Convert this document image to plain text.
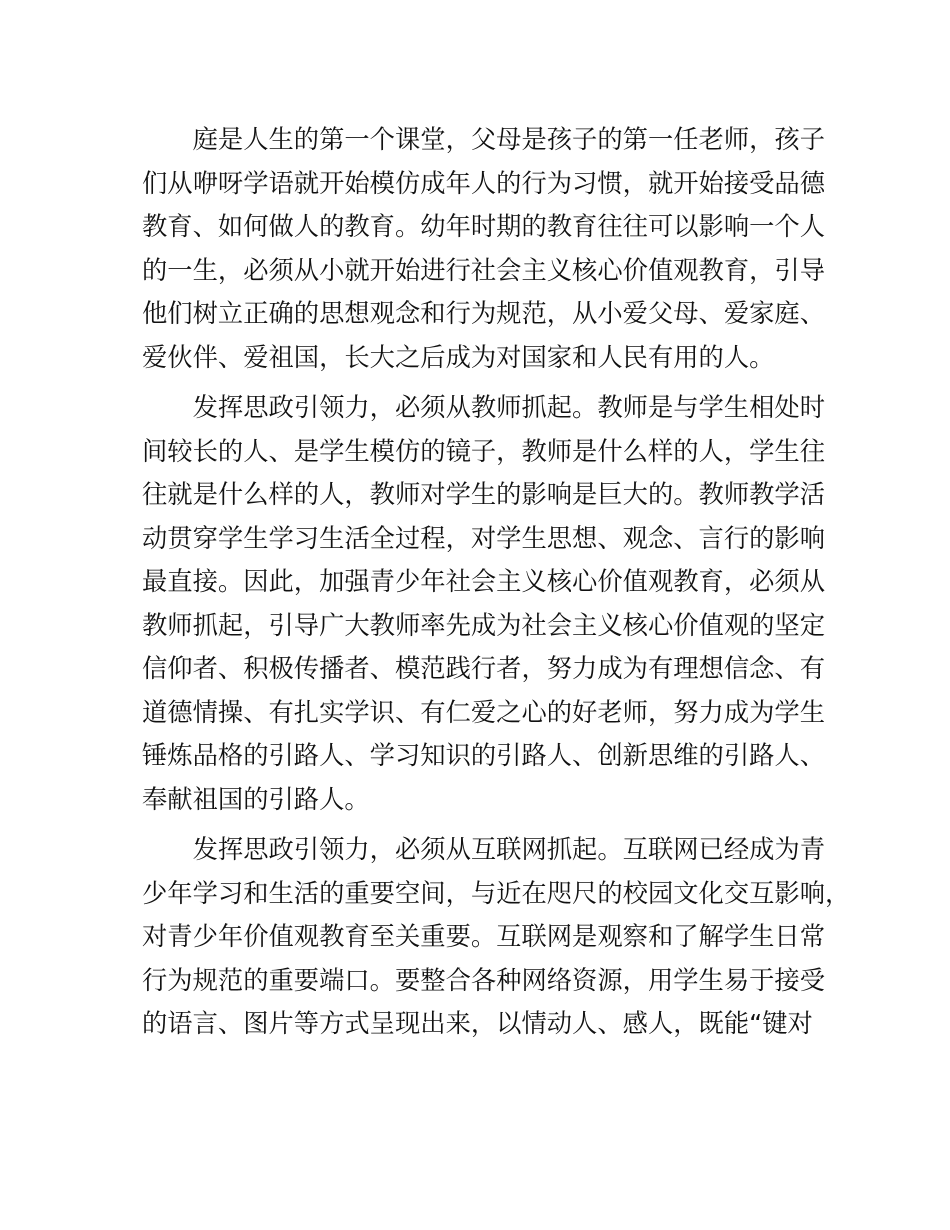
庭是人生的第一个课堂，父母是孩子的第一任老师，孩子
们从咿呀学语就开始模仿成年人的行为习惯，就开始接受品德
教育、如何做人的教育。幼年时期的教育往往可以影响一个人
的一生，必须从小就开始进行社会主义核心价值观教育，引导
他们树立正确的思想观念和行为规范，从小爱父母、爱家庭、
爱伙伴、爱祖国，长大之后成为对国家和人民有用的人。
发挥思政引领力，必须从教师抓起。教师是与学生相处时
间较长的人、是学生模仿的镜子，教师是什么样的人，学生往
往就是什么样的人，教师对学生的影响是巨大的。教师教学活
动贯穿学生学习生活全过程，对学生思想、观念、言行的影响
最直接。因此，加强青少年社会主义核心价值观教育，必须从
教师抓起，引导广大教师率先成为社会主义核心价值观的坚定
信仰者、积极传播者、模范践行者，努力成为有理想信念、有
道德情操、有扎实学识、有仁爱之心的好老师，努力成为学生
锤炼品格的引路人、学习知识的引路人、创新思维的引路人、
奉献祖国的引路人。
发挥思政引领力，必须从互联网抓起。互联网已经成为青
少年学习和生活的重要空间，与近在咫尺的校园文化交互影响，
对青少年价值观教育至关重要。互联网是观察和了解学生日常
行为规范的重要端口。要整合各种网络资源，用学生易于接受
的语言、图片等方式呈现出来，以情动人、感人，既能“键对
